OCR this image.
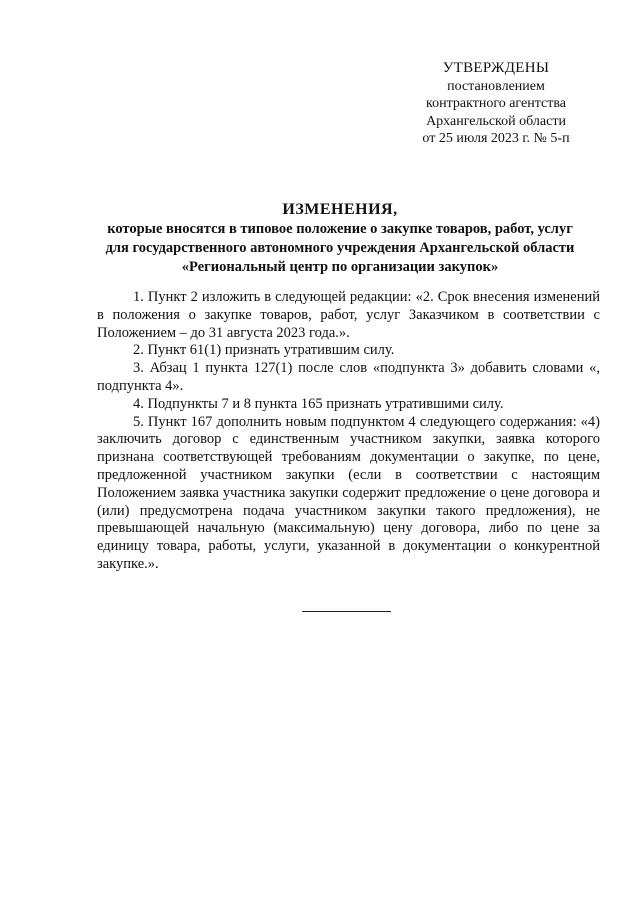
УТВЕРЖДЕНЫ
постановлением
контрактного агентства
Архангельской области
от 25 июля 2023 г. № 5-п
ИЗМЕНЕНИЯ,
которые вносятся в типовое положение о закупке товаров, работ, услуг
для государственного автономного учреждения Архангельской области
«Региональный центр по организации закупок»

1. Пункт 2 изложить в следующей редакции: «2. Срок внесения изменений в положения о закупке товаров, работ, услуг Заказчиком в соответствии с Положением – до 31 августа 2023 года.».

2. Пункт 61(1) признать утратившим силу.

3. Абзац 1 пункта 127(1) после слов «подпункта 3» добавить словами «, подпункта 4».

4. Подпункты 7 и 8 пункта 165 признать утратившими силу.

5. Пункт 167 дополнить новым подпунктом 4 следующего содержания: «4) заключить договор с единственным участником закупки, заявка которого признана соответствующей требованиям документации о закупке, по цене, предложенной участником закупки (если в соответствии с настоящим Положением заявка участника закупки содержит предложение о цене договора и (или) предусмотрена подача участником закупки такого предложения), не превышающей начальную (максимальную) цену договора, либо по цене за единицу товара, работы, услуги, указанной в документации о конкурентной закупке.».
